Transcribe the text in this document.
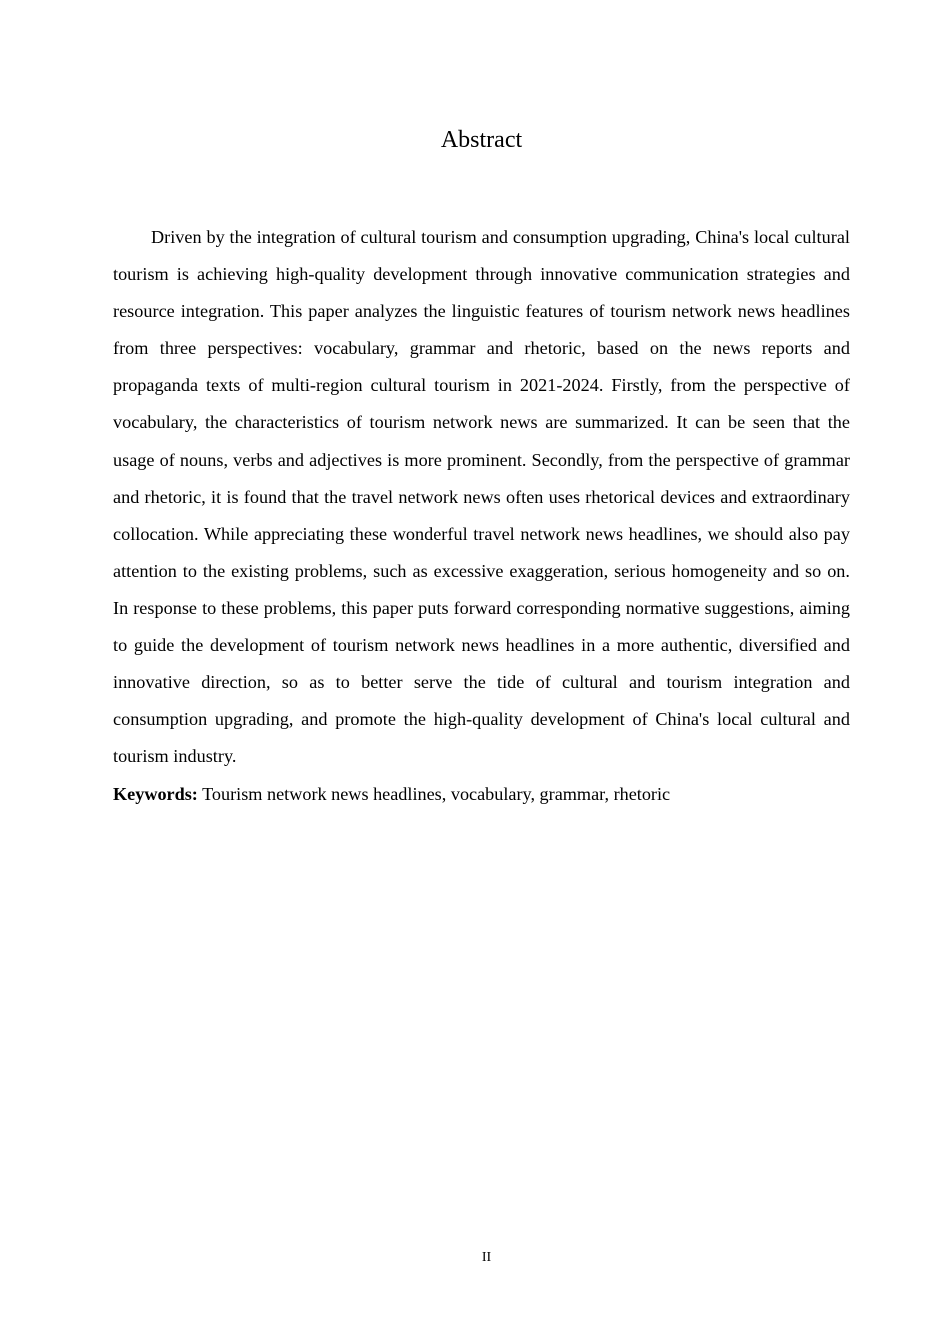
Abstract

Driven by the integration of cultural tourism and consumption upgrading, China's local cultural tourism is achieving high-quality development through innovative communication strategies and resource integration. This paper analyzes the linguistic features of tourism network news headlines from three perspectives: vocabulary, grammar and rhetoric, based on the news reports and propaganda texts of multi-region cultural tourism in 2021-2024. Firstly, from the perspective of vocabulary, the characteristics of tourism network news are summarized. It can be seen that the usage of nouns, verbs and adjectives is more prominent. Secondly, from the perspective of grammar and rhetoric, it is found that the travel network news often uses rhetorical devices and extraordinary collocation. While appreciating these wonderful travel network news headlines, we should also pay attention to the existing problems, such as excessive exaggeration, serious homogeneity and so on. In response to these problems, this paper puts forward corresponding normative suggestions, aiming to guide the development of tourism network news headlines in a more authentic, diversified and innovative direction, so as to better serve the tide of cultural and tourism integration and consumption upgrading, and promote the high-quality development of China's local cultural and tourism industry.

Keywords: Tourism network news headlines, vocabulary, grammar, rhetoric

II
